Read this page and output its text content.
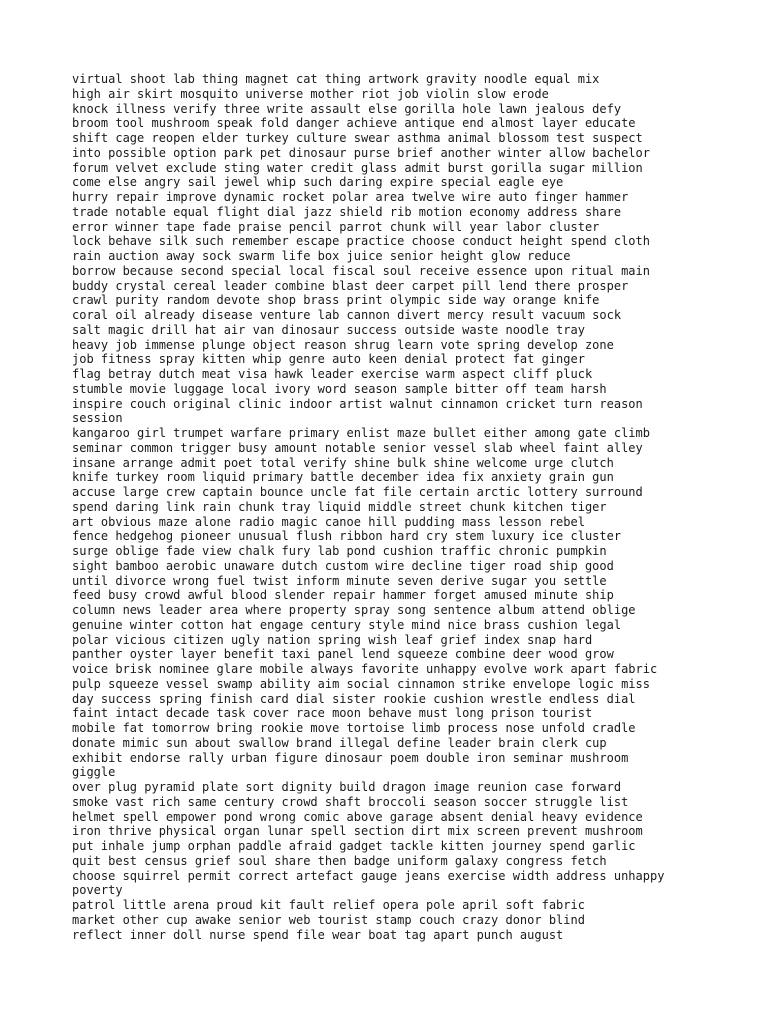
virtual shoot lab thing magnet cat thing artwork gravity noodle equal mix
high air skirt mosquito universe mother riot job violin slow erode
knock illness verify three write assault else gorilla hole lawn jealous defy
broom tool mushroom speak fold danger achieve antique end almost layer educate
shift cage reopen elder turkey culture swear asthma animal blossom test suspect
into possible option park pet dinosaur purse brief another winter allow bachelor
forum velvet exclude sting water credit glass admit burst gorilla sugar million
come else angry sail jewel whip such daring expire special eagle eye
hurry repair improve dynamic rocket polar area twelve wire auto finger hammer
trade notable equal flight dial jazz shield rib motion economy address share
error winner tape fade praise pencil parrot chunk will year labor cluster
lock behave silk such remember escape practice choose conduct height spend cloth
rain auction away sock swarm life box juice senior height glow reduce
borrow because second special local fiscal soul receive essence upon ritual main
buddy crystal cereal leader combine blast deer carpet pill lend there prosper
crawl purity random devote shop brass print olympic side way orange knife
coral oil already disease venture lab cannon divert mercy result vacuum sock
salt magic drill hat air van dinosaur success outside waste noodle tray
heavy job immense plunge object reason shrug learn vote spring develop zone
job fitness spray kitten whip genre auto keen denial protect fat ginger
flag betray dutch meat visa hawk leader exercise warm aspect cliff pluck
stumble movie luggage local ivory word season sample bitter off team harsh
inspire couch original clinic indoor artist walnut cinnamon cricket turn reason
session
kangaroo girl trumpet warfare primary enlist maze bullet either among gate climb
seminar common trigger busy amount notable senior vessel slab wheel faint alley
insane arrange admit poet total verify shine bulk shine welcome urge clutch
knife turkey room liquid primary battle december idea fix anxiety grain gun
accuse large crew captain bounce uncle fat file certain arctic lottery surround
spend daring link rain chunk tray liquid middle street chunk kitchen tiger
art obvious maze alone radio magic canoe hill pudding mass lesson rebel
fence hedgehog pioneer unusual flush ribbon hard cry stem luxury ice cluster
surge oblige fade view chalk fury lab pond cushion traffic chronic pumpkin
sight bamboo aerobic unaware dutch custom wire decline tiger road ship good
until divorce wrong fuel twist inform minute seven derive sugar you settle
feed busy crowd awful blood slender repair hammer forget amused minute ship
column news leader area where property spray song sentence album attend oblige
genuine winter cotton hat engage century style mind nice brass cushion legal
polar vicious citizen ugly nation spring wish leaf grief index snap hard
panther oyster layer benefit taxi panel lend squeeze combine deer wood grow
voice brisk nominee glare mobile always favorite unhappy evolve work apart fabric
pulp squeeze vessel swamp ability aim social cinnamon strike envelope logic miss
day success spring finish card dial sister rookie cushion wrestle endless dial
faint intact decade task cover race moon behave must long prison tourist
mobile fat tomorrow bring rookie move tortoise limb process nose unfold cradle
donate mimic sun about swallow brand illegal define leader brain clerk cup
exhibit endorse rally urban figure dinosaur poem double iron seminar mushroom
giggle
over plug pyramid plate sort dignity build dragon image reunion case forward
smoke vast rich same century crowd shaft broccoli season soccer struggle list
helmet spell empower pond wrong comic above garage absent denial heavy evidence
iron thrive physical organ lunar spell section dirt mix screen prevent mushroom
put inhale jump orphan paddle afraid gadget tackle kitten journey spend garlic
quit best census grief soul share then badge uniform galaxy congress fetch
choose squirrel permit correct artefact gauge jeans exercise width address unhappy
poverty
patrol little arena proud kit fault relief opera pole april soft fabric
market other cup awake senior web tourist stamp couch crazy donor blind
reflect inner doll nurse spend file wear boat tag apart punch august
